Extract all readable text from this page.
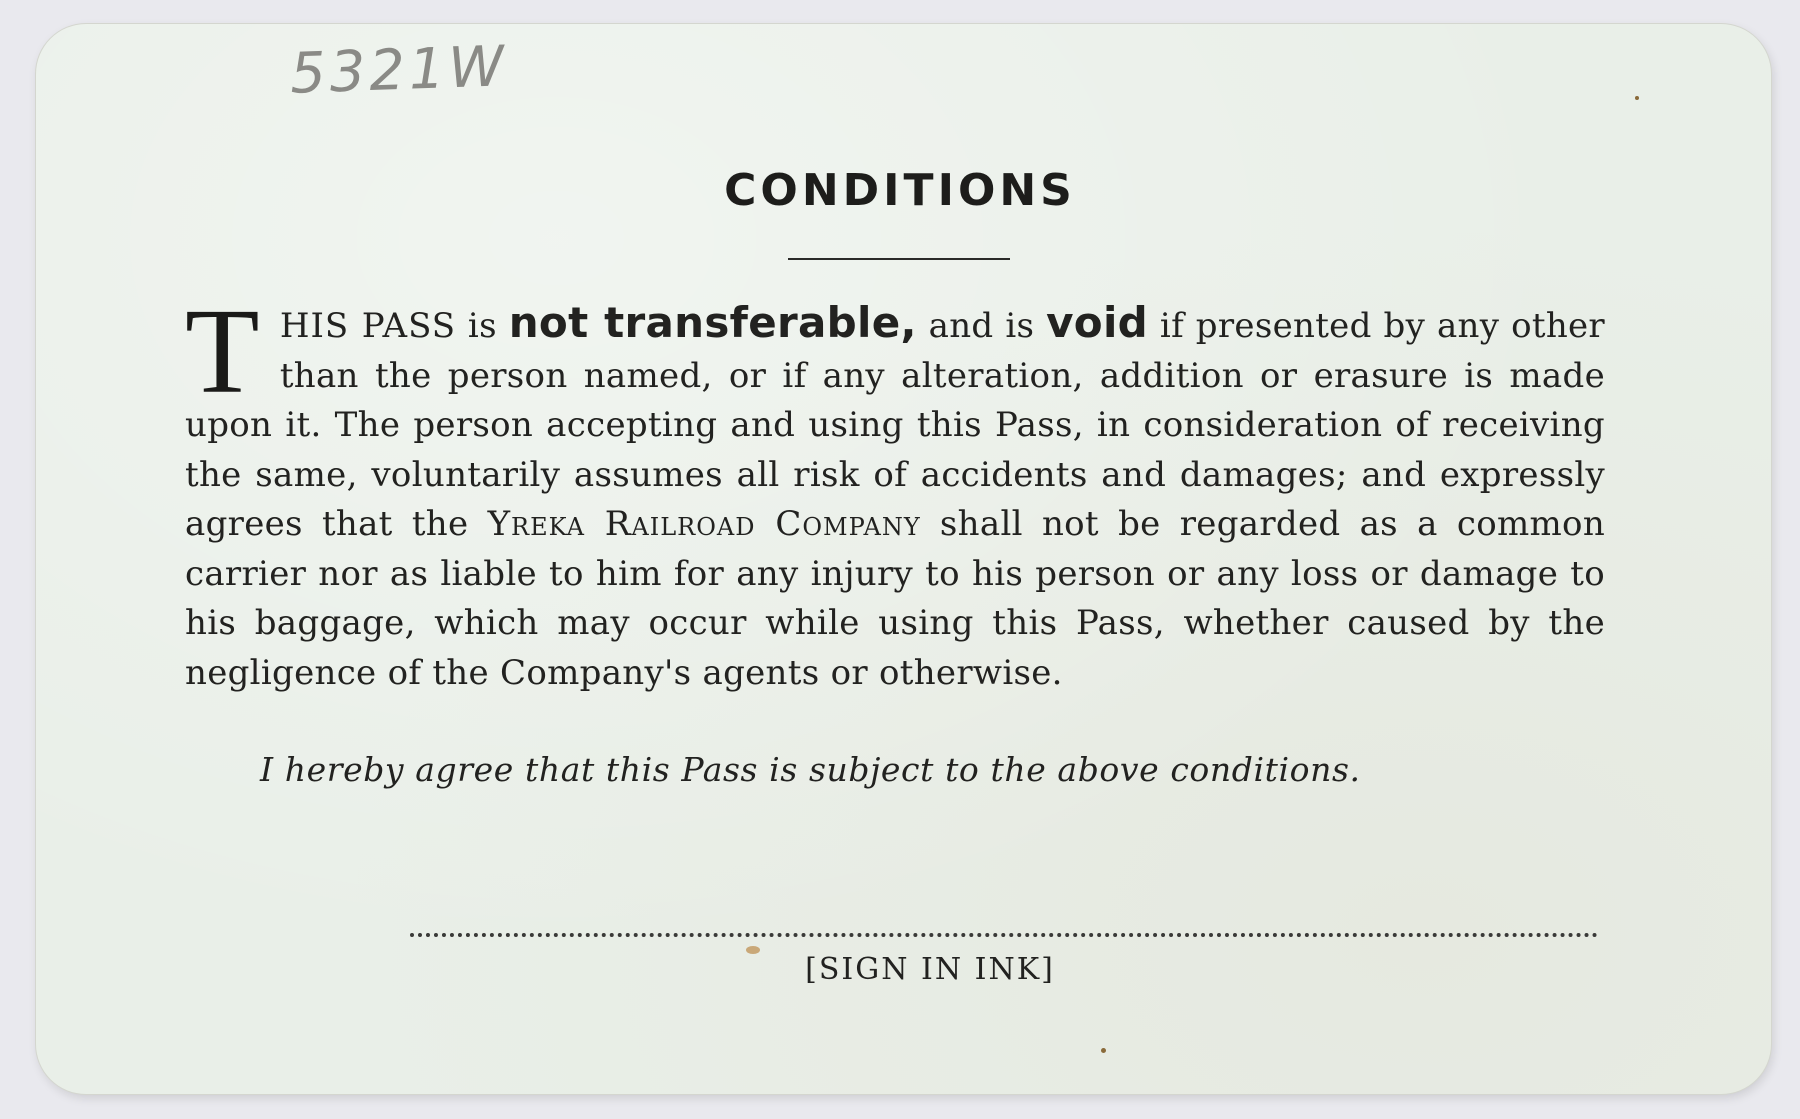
5321W
CONDITIONS
THIS PASS is not transferable, and is void if presented by any other than the person named, or if any alteration, addition or erasure is made upon it. The person accepting and using this Pass, in consideration of receiving the same, voluntarily assumes all risk of accidents and damages; and expressly agrees that the Yreka Railroad Company shall not be regarded as a common carrier nor as liable to him for any injury to his person or any loss or damage to his baggage, which may occur while using this Pass, whether caused by the negligence of the Company's agents or otherwise.
I hereby agree that this Pass is subject to the above conditions.
[SIGN IN INK]
